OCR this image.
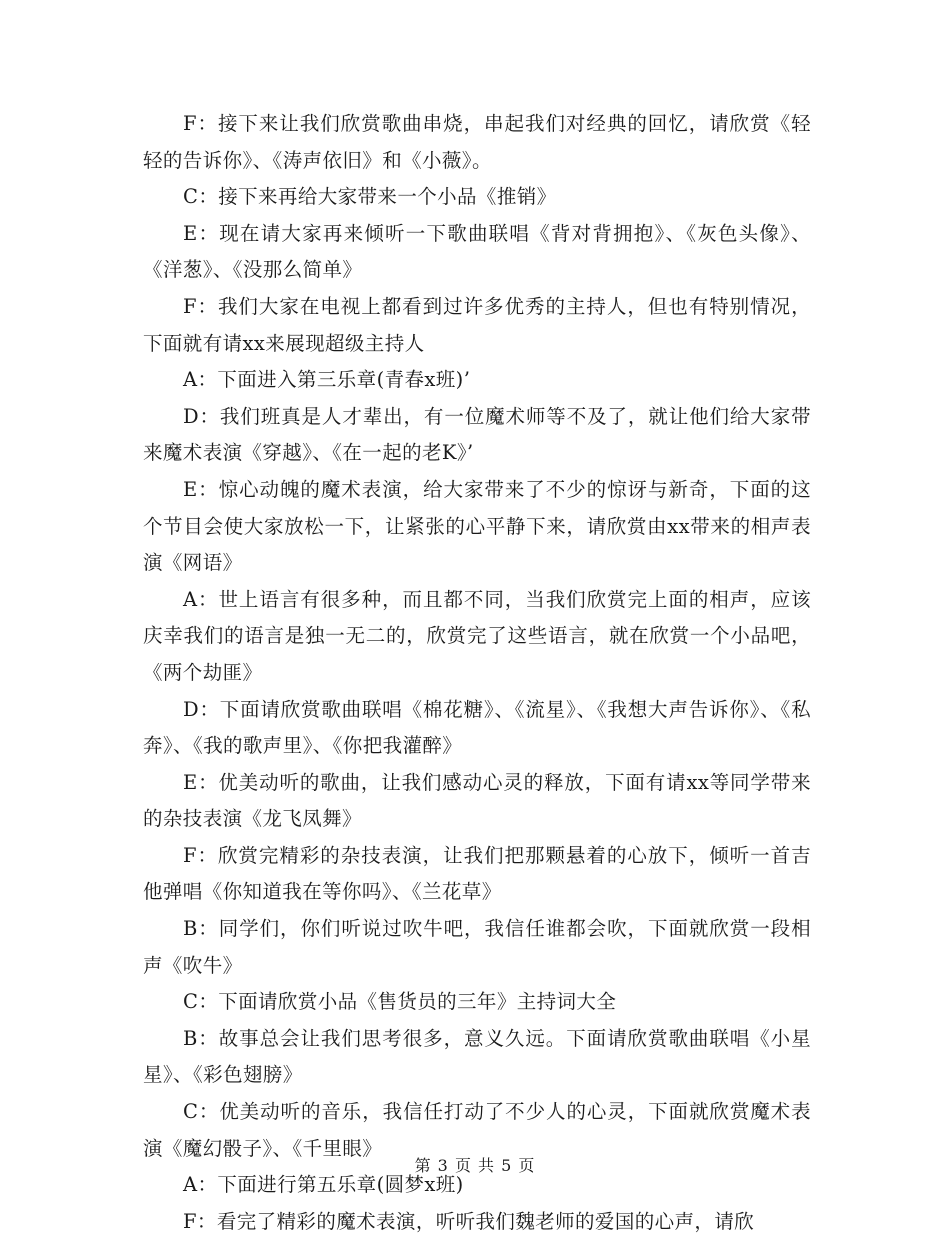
F：接下来让我们欣赏歌曲串烧，串起我们对经典的回忆，请欣赏《轻轻的告诉你》、《涛声依旧》和《小薇》。

C：接下来再给大家带来一个小品《推销》

E：现在请大家再来倾听一下歌曲联唱《背对背拥抱》、《灰色头像》、《洋葱》、《没那么简单》

F：我们大家在电视上都看到过许多优秀的主持人，但也有特别情况，下面就有请xx来展现超级主持人

A：下面进入第三乐章(青春x班)’

D：我们班真是人才辈出，有一位魔术师等不及了，就让他们给大家带来魔术表演《穿越》、《在一起的老K》’

E：惊心动魄的魔术表演，给大家带来了不少的惊讶与新奇，下面的这个节目会使大家放松一下，让紧张的心平静下来，请欣赏由xx带来的相声表演《网语》

A：世上语言有很多种，而且都不同，当我们欣赏完上面的相声，应该庆幸我们的语言是独一无二的，欣赏完了这些语言，就在欣赏一个小品吧，《两个劫匪》

D：下面请欣赏歌曲联唱《棉花糖》、《流星》、《我想大声告诉你》、《私奔》、《我的歌声里》、《你把我灌醉》

E：优美动听的歌曲，让我们感动心灵的释放，下面有请xx等同学带来的杂技表演《龙飞凤舞》

F：欣赏完精彩的杂技表演，让我们把那颗悬着的心放下，倾听一首吉他弹唱《你知道我在等你吗》、《兰花草》

B：同学们，你们听说过吹牛吧，我信任谁都会吹，下面就欣赏一段相声《吹牛》

C：下面请欣赏小品《售货员的三年》主持词大全

B：故事总会让我们思考很多，意义久远。下面请欣赏歌曲联唱《小星星》、《彩色翅膀》

C：优美动听的音乐，我信任打动了不少人的心灵，下面就欣赏魔术表演《魔幻骰子》、《千里眼》

A：下面进行第五乐章(圆梦x班)

F：看完了精彩的魔术表演，听听我们魏老师的爱国的心声，请欣

第 3 页 共 5 页
